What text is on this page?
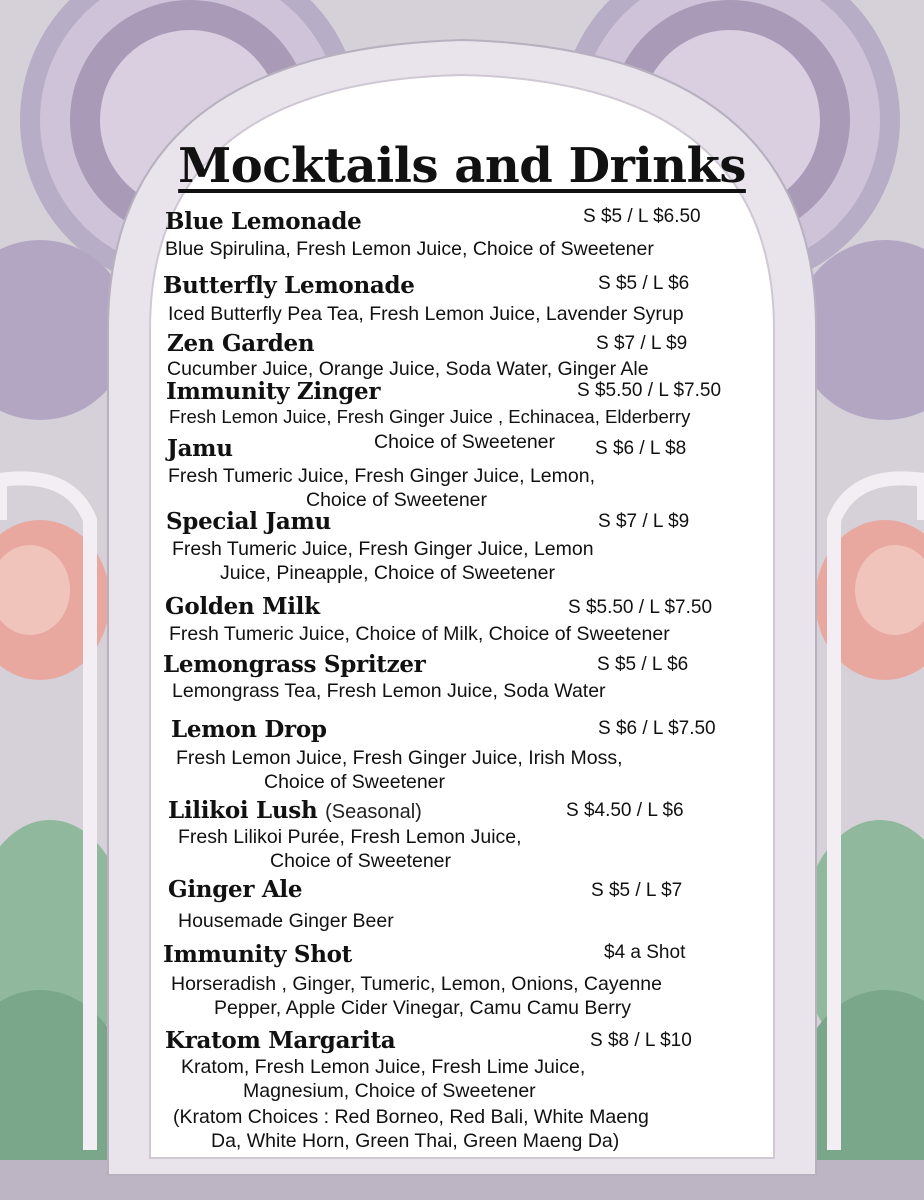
Mocktails and Drinks
Blue Lemonade	S $5 / L $6.50
Blue Spirulina, Fresh Lemon Juice, Choice of Sweetener
Butterfly Lemonade	S $5 / L $6
Iced Butterfly Pea Tea, Fresh Lemon Juice, Lavender Syrup
Zen Garden	S $7 / L $9
Cucumber Juice, Orange Juice, Soda Water, Ginger Ale
Immunity Zinger	S $5.50 / L $7.50
Fresh Lemon Juice, Fresh Ginger Juice , Echinacea, Elderberry
Choice of Sweetener
Jamu	S $6 / L $8
Fresh Tumeric Juice, Fresh Ginger Juice, Lemon,
Choice of Sweetener
Special Jamu	S $7 / L $9
Fresh Tumeric Juice, Fresh Ginger Juice, Lemon
Juice, Pineapple, Choice of Sweetener
Golden Milk	S $5.50 / L $7.50
Fresh Tumeric Juice, Choice of Milk, Choice of Sweetener
Lemongrass Spritzer	S $5 / L $6
Lemongrass Tea, Fresh Lemon Juice, Soda Water
Lemon Drop	S $6 / L $7.50
Fresh Lemon Juice, Fresh Ginger Juice, Irish Moss,
Choice of Sweetener
Lilikoi Lush (Seasonal)	S $4.50 / L $6
Fresh Lilikoi Purée, Fresh Lemon Juice,
Choice of Sweetener
Ginger Ale	S $5 / L $7
Housemade Ginger Beer
Immunity Shot	$4 a Shot
Horseradish , Ginger, Tumeric, Lemon, Onions, Cayenne
Pepper, Apple Cider Vinegar, Camu Camu Berry
Kratom Margarita	S $8 / L $10
Kratom, Fresh Lemon Juice, Fresh Lime Juice,
Magnesium, Choice of Sweetener
(Kratom Choices : Red Borneo, Red Bali, White Maeng
Da, White Horn, Green Thai, Green Maeng Da)
